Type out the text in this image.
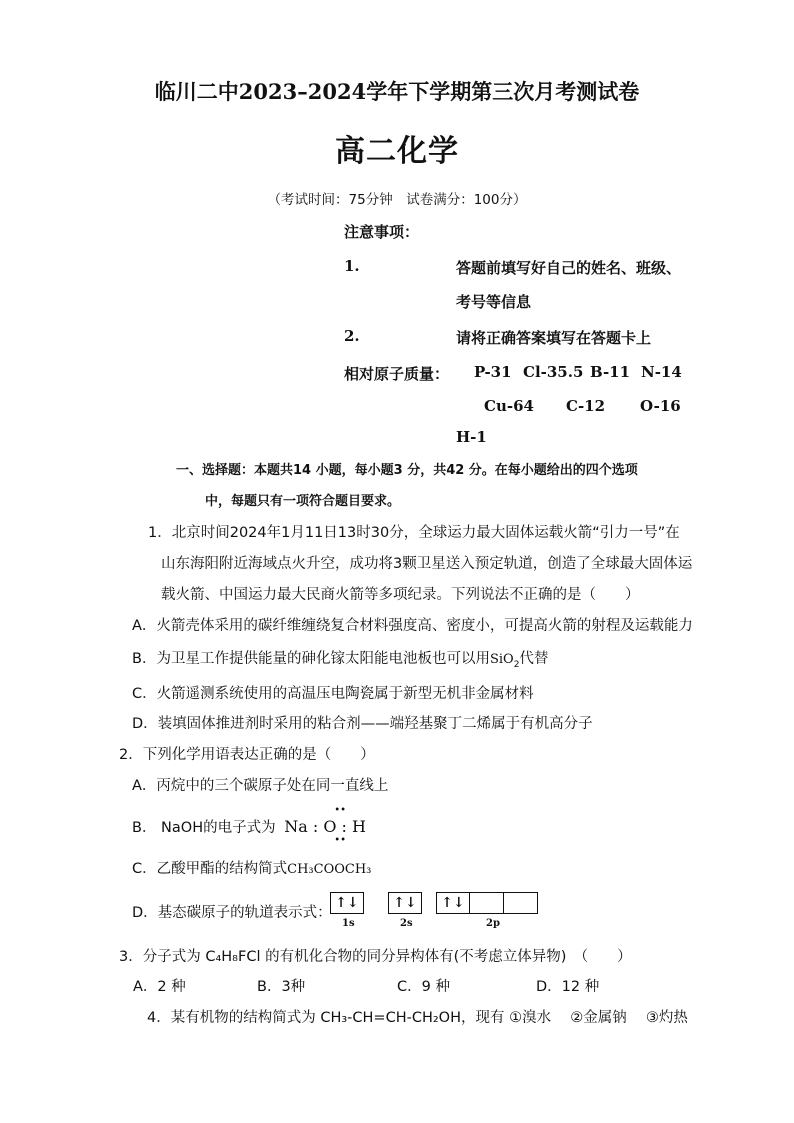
临川二中2023–2024学年下学期第三次月考测试卷
高二化学
（考试时间：75分钟　试卷满分：100分）
注意事项：
1.	答题前填写好自己的姓名、班级、
考号等信息
2.	请将正确答案填写在答题卡上
相对原子质量： P-31 Cl-35.5 B-11 N-14
Cu-64 C-12 O-16
H-1
一、选择题：本题共14 小题，每小题3 分，共42 分。在每小题给出的四个选项
中，每题只有一项符合题目要求。
1．北京时间2024年1月11日13时30分，全球运力最大固体运载火箭“引力一号”在
山东海阳附近海域点火升空，成功将3颗卫星送入预定轨道，创造了全球最大固体运
载火箭、中国运力最大民商火箭等多项纪录。下列说法不正确的是（　　）
A．火箭壳体采用的碳纤维缠绕复合材料强度高、密度小，可提高火箭的射程及运载能力
B．为卫星工作提供能量的砷化镓太阳能电池板也可以用SiO$_2$代替
C．火箭遥测系统使用的高温压电陶瓷属于新型无机非金属材料
D．装填固体推进剂时采用的粘合剂——端羟基聚丁二烯属于有机高分子
2．下列化学用语表达正确的是（　　）
A．丙烷中的三个碳原子处在同一直线上
B． NaOH的电子式为 Na : O : H
••
••
C．乙酸甲酯的结构简式CH₃COOCH₃
D．基态碳原子的轨道表示式：
↑↓
1s
↑↓
2s
↑↓
2p
3．分子式为 C₄H₈FCl 的有机化合物的同分异构体有(不考虑立体异物)　（　　）
A．2 种	B．3种	C．9 种	D．12 种
4．某有机物的结构简式为 CH₃-CH=CH-CH₂OH，现有 ①溴水　 ②金属钠　 ③灼热
